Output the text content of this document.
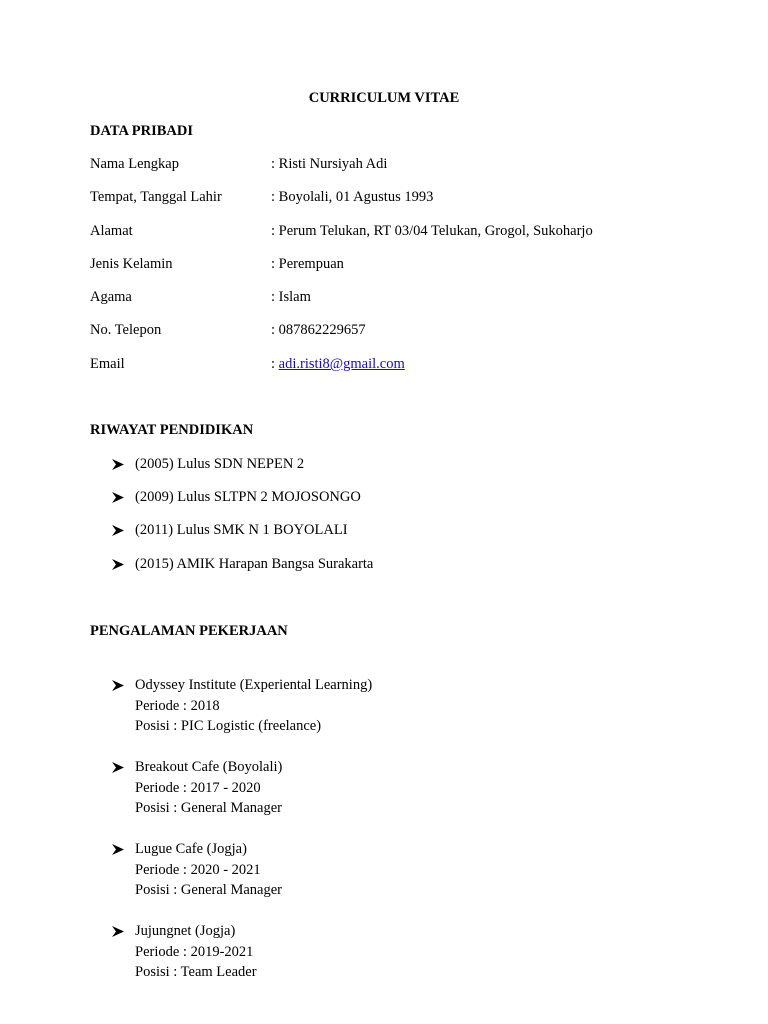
CURRICULUM VITAE
DATA PRIBADI
Nama Lengkap	: Risti Nursiyah Adi
Tempat, Tanggal Lahir	: Boyolali, 01 Agustus 1993
Alamat	: Perum Telukan, RT 03/04 Telukan, Grogol, Sukoharjo
Jenis Kelamin	: Perempuan
Agama	: Islam
No. Telepon	: 087862229657
Email	: adi.risti8@gmail.com
RIWAYAT PENDIDIKAN
(2005) Lulus SDN NEPEN 2
(2009) Lulus SLTPN 2 MOJOSONGO
(2011) Lulus SMK N 1 BOYOLALI
(2015) AMIK Harapan Bangsa Surakarta
PENGALAMAN PEKERJAAN
Odyssey Institute (Experiental Learning)
Periode : 2018
Posisi : PIC Logistic (freelance)
Breakout Cafe (Boyolali)
Periode : 2017 - 2020
Posisi : General Manager
Lugue Cafe (Jogja)
Periode : 2020 - 2021
Posisi : General Manager
Jujungnet (Jogja)
Periode : 2019-2021
Posisi : Team Leader
